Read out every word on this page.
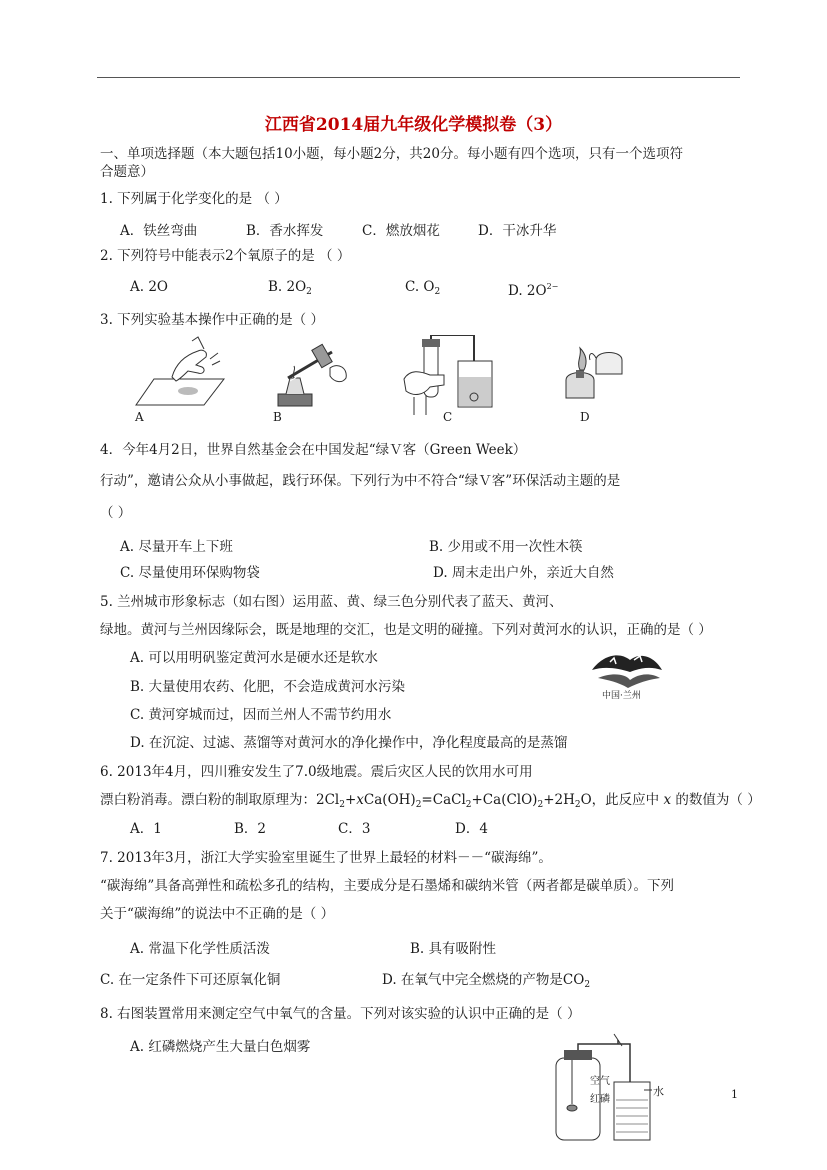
江西省2014届九年级化学模拟卷（3）
一、单项选择题（本大题包括10小题，每小题2分，共20分。每小题有四个选项，只有一个选项符
合题意）
1. 下列属于化学变化的是 （ ）
A．铁丝弯曲	B．香水挥发	C．燃放烟花	D．干冰升华
2. 下列符号中能表示2个氧原子的是 （ ）
A. 2O	B. $2O_2$	C. $O_2$	D. $2O^{2-}$
3. 下列实验基本操作中正确的是（ ）
A	B	C	D
4．今年4月2日，世界自然基金会在中国发起“绿Ｖ客（Green Week）
行动”，邀请公众从小事做起，践行环保。下列行为中不符合“绿Ｖ客”环保活动主题的是
（ ）
A. 尽量开车上下班	B. 少用或不用一次性木筷
C. 尽量使用环保购物袋	D. 周末走出户外，亲近大自然
5. 兰州城市形象标志（如右图）运用蓝、黄、绿三色分别代表了蓝天、黄河、
绿地。黄河与兰州因缘际会，既是地理的交汇，也是文明的碰撞。下列对黄河水的认识，正确的是（ ）
A. 可以用明矾鉴定黄河水是硬水还是软水
B. 大量使用农药、化肥，不会造成黄河水污染
C. 黄河穿城而过，因而兰州人不需节约用水
D. 在沉淀、过滤、蒸馏等对黄河水的净化操作中，净化程度最高的是蒸馏
中国·兰州
6. 2013年4月，四川雅安发生了7.0级地震。震后灾区人民的饮用水可用
漂白粉消毒。漂白粉的制取原理为：$2Cl_2+xCa(OH)_2=CaCl_2+Ca(ClO)_2+2H_2O$，此反应中 x 的数值为（ ）
A．1	B．2	C．3	D．4
7. 2013年3月，浙江大学实验室里诞生了世界上最轻的材料－－“碳海绵”。
“碳海绵”具备高弹性和疏松多孔的结构，主要成分是石墨烯和碳纳米管（两者都是碳单质）。下列
关于“碳海绵”的说法中不正确的是（ ）
A. 常温下化学性质活泼	B. 具有吸附性
C. 在一定条件下可还原氧化铜	D. 在氧气中完全燃烧的产物是$CO_2$
8. 右图装置常用来测定空气中氧气的含量。下列对该实验的认识中正确的是（ ）
A. 红磷燃烧产生大量白色烟雾
空气
红磷
水	1
